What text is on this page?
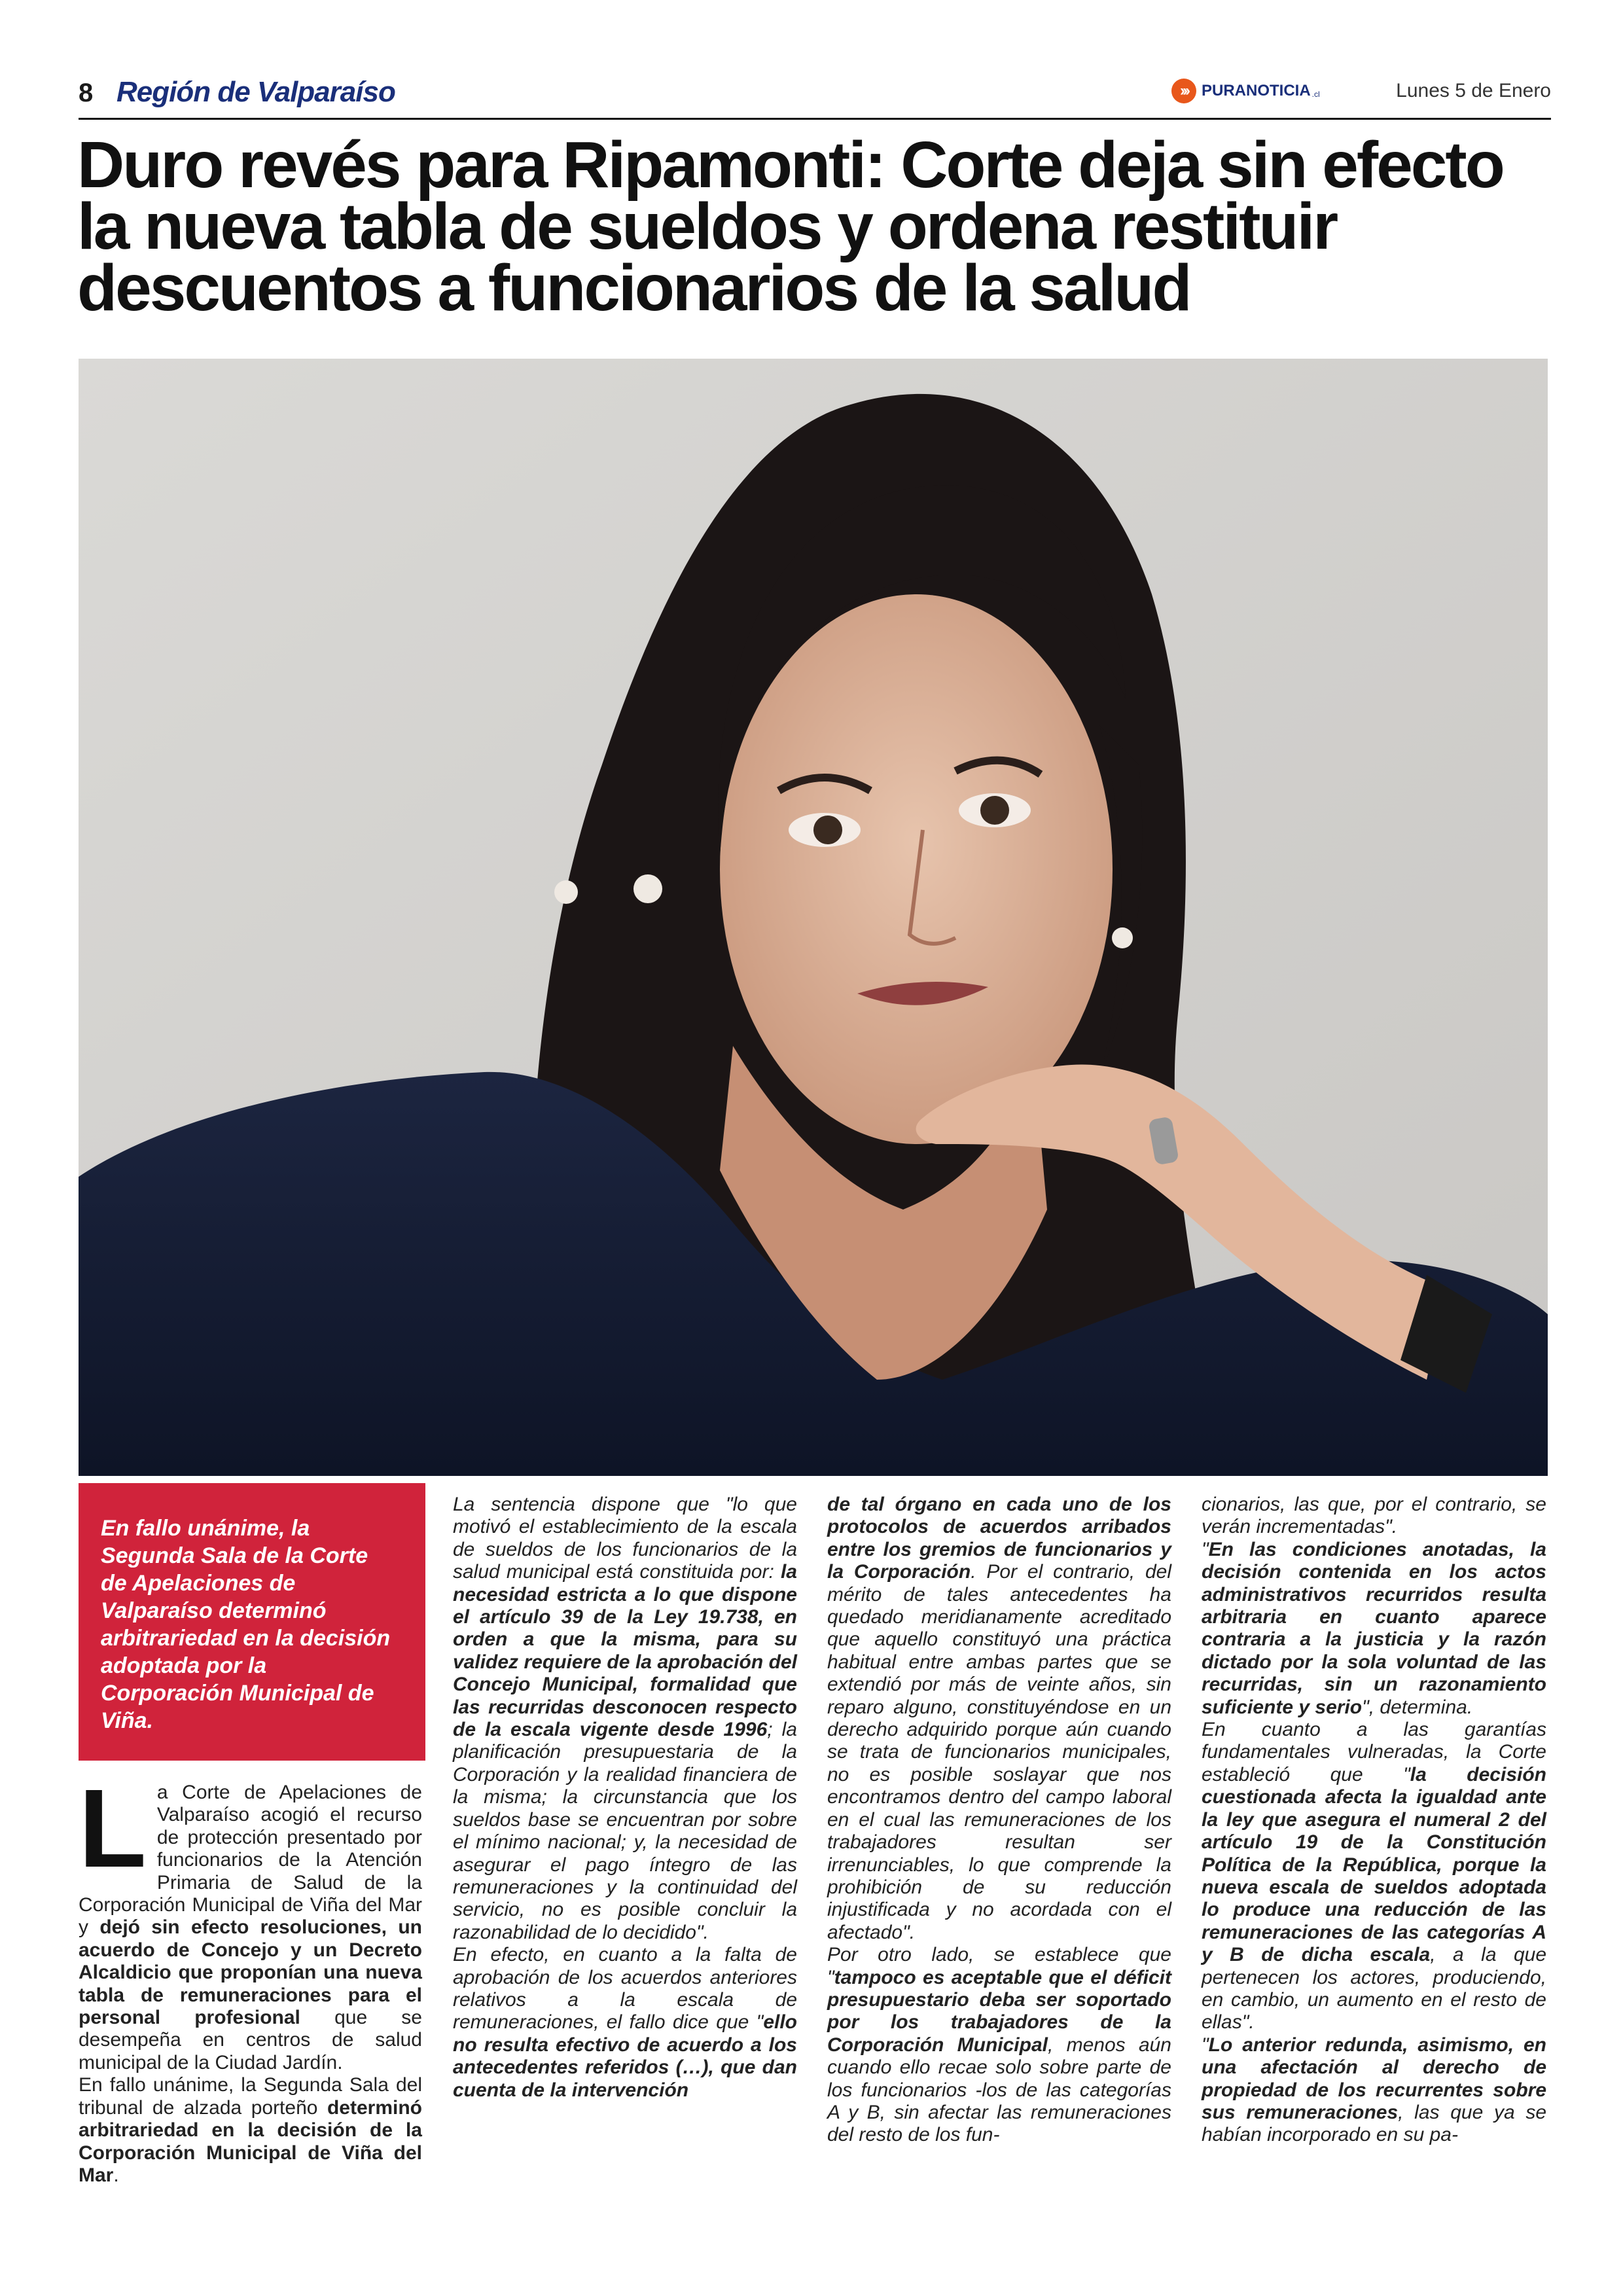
8 Región de Valparaíso	››› PURANOTICIA .cl	Lunes 5 de Enero
Duro revés para Ripamonti: Corte deja sin efecto la nueva tabla de sueldos y ordena restituir descuentos a funcionarios de la salud
En fallo unánime, la Segunda Sala de la Corte de Apelaciones de Valparaíso determinó arbitrariedad en la decisión adoptada por la Corporación Municipal de Viña.

La Corte de Apelaciones de Valparaíso acogió el recurso de protección presentado por funcionarios de la Atención Primaria de Salud de la Corporación Municipal de Viña del Mar y dejó sin efecto resoluciones, un acuerdo de Concejo y un Decreto Alcaldicio que proponían una nueva tabla de remuneraciones para el personal profesional que se desempeña en centros de salud municipal de la Ciudad Jardín.

En fallo unánime, la Segunda Sala del tribunal de alzada porteño determinó arbitrariedad en la decisión de la Corporación Municipal de Viña del Mar.

La sentencia dispone que "lo que motivó el establecimiento de la escala de sueldos de los funcionarios de la salud municipal está constituida por: la necesidad estricta a lo que dispone el artículo 39 de la Ley 19.738, en orden a que la misma, para su validez requiere de la aprobación del Concejo Municipal, formalidad que las recurridas desconocen respecto de la escala vigente desde 1996; la planificación presupuestaria de la Corporación y la realidad financiera de la misma; la circunstancia que los sueldos base se encuentran por sobre el mínimo nacional; y, la necesidad de asegurar el pago íntegro de las remuneraciones y la continuidad del servicio, no es posible concluir la razonabilidad de lo decidido".

En efecto, en cuanto a la falta de aprobación de los acuerdos anteriores relativos a la escala de remuneraciones, el fallo dice que "ello no resulta efectivo de acuerdo a los antecedentes referidos (…), que dan cuenta de la intervención

de tal órgano en cada uno de los protocolos de acuerdos arribados entre los gremios de funcionarios y la Corporación. Por el contrario, del mérito de tales antecedentes ha quedado meridianamente acreditado que aquello constituyó una práctica habitual entre ambas partes que se extendió por más de veinte años, sin reparo alguno, constituyéndose en un derecho adquirido porque aún cuando se trata de funcionarios municipales, no es posible soslayar que nos encontramos dentro del campo laboral en el cual las remuneraciones de los trabajadores resultan ser irrenunciables, lo que comprende la prohibición de su reducción injustificada y no acordada con el afectado".

Por otro lado, se establece que "tampoco es aceptable que el déficit presupuestario deba ser soportado por los trabajadores de la Corporación Municipal, menos aún cuando ello recae solo sobre parte de los funcionarios -los de las categorías A y B, sin afectar las remuneraciones del resto de los fun-

cionarios, las que, por el contrario, se verán incrementadas".

"En las condiciones anotadas, la decisión contenida en los actos administrativos recurridos resulta arbitraria en cuanto aparece contraria a la justicia y la razón dictado por la sola voluntad de las recurridas, sin un razonamiento suficiente y serio", determina.

En cuanto a las garantías fundamentales vulneradas, la Corte estableció que "la decisión cuestionada afecta la igualdad ante la ley que asegura el numeral 2 del artículo 19 de la Constitución Política de la República, porque la nueva escala de sueldos adoptada lo produce una reducción de las remuneraciones de las categorías A y B de dicha escala, a la que pertenecen los actores, produciendo, en cambio, un aumento en el resto de ellas".

"Lo anterior redunda, asimismo, en una afectación al derecho de propiedad de los recurrentes sobre sus remuneraciones, las que ya se habían incorporado en su pa-
